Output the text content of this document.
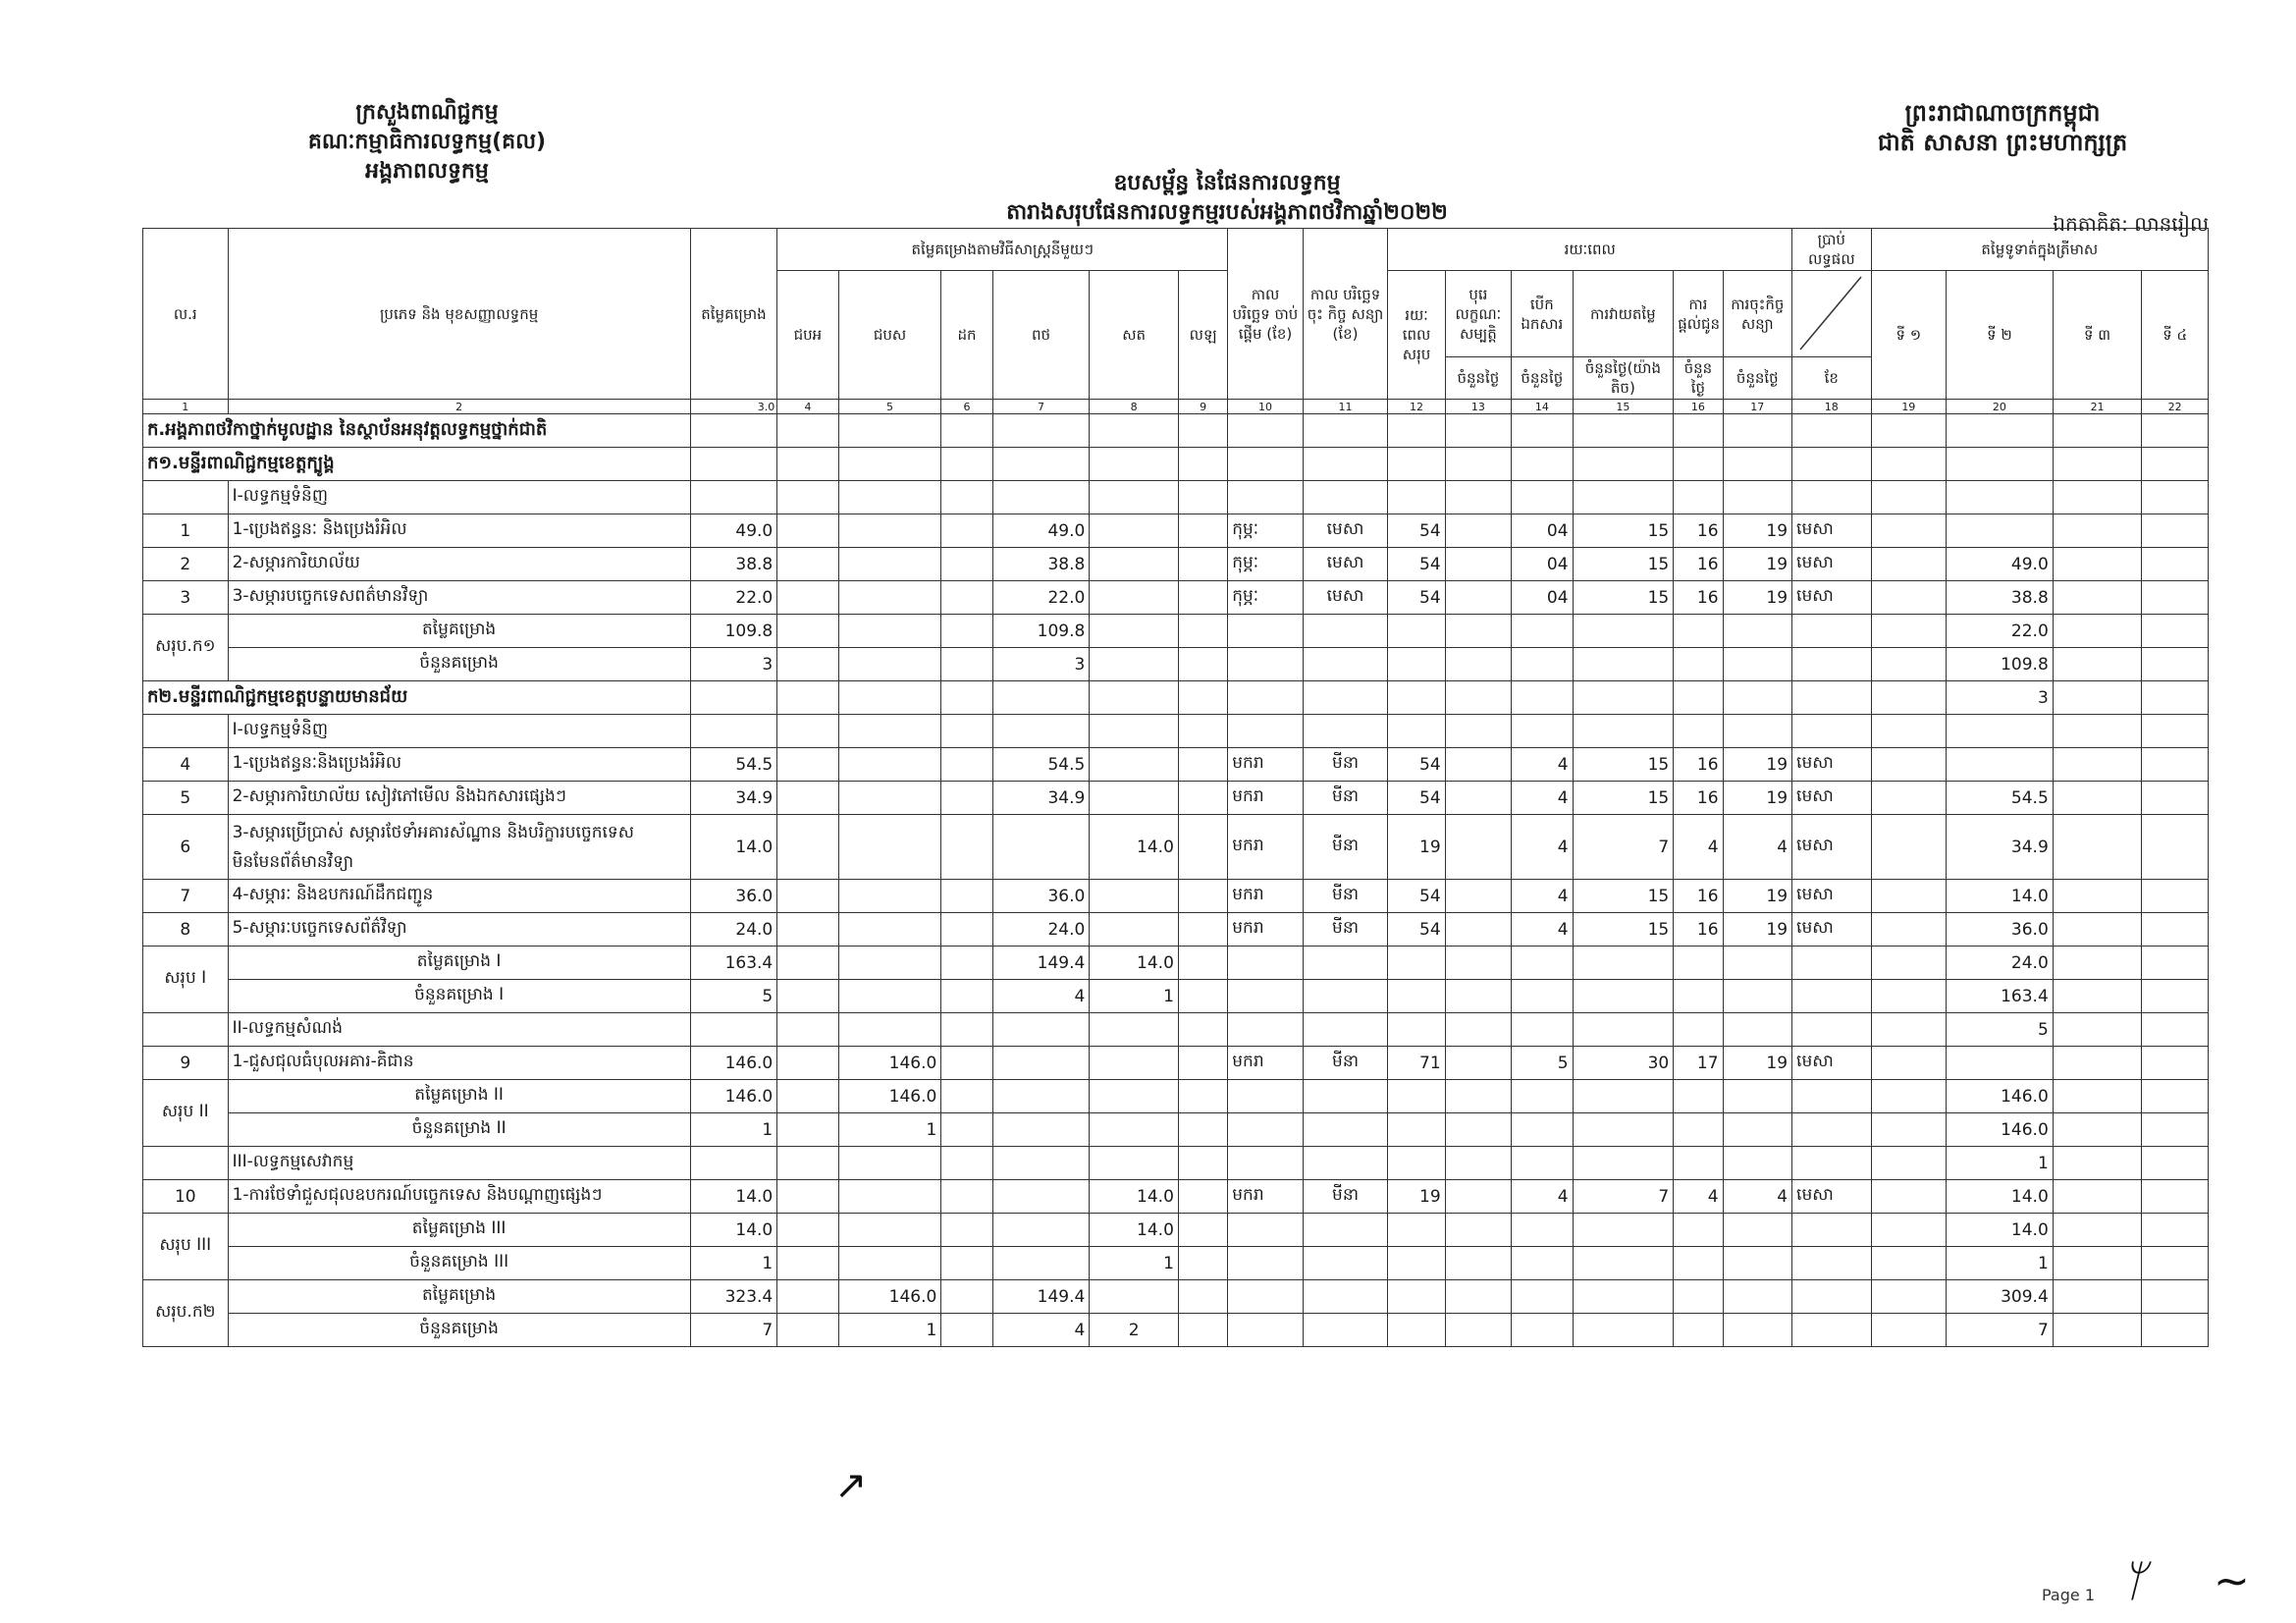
ក្រសួងពាណិជ្ជកម្ម
គណៈកម្មាធិការលទ្ធកម្ម(គល)
អង្គភាពលទ្ធកម្ម
ព្រះរាជាណាចក្រកម្ពុជា
ជាតិ សាសនា ព្រះមហាក្សត្រ
ឧបសម្ព័ន្ធ នៃផែនការលទ្ធកម្ម
តារាងសរុបផែនការលទ្ធកម្មរបស់អង្គភាពថវិកាឆ្នាំ២០២២	ឯកតាគិត: លានរៀល
ល.រ	ប្រភេទ និង មុខសញ្ញាលទ្ធកម្ម	តម្លៃគម្រោង	តម្លៃគម្រោងតាមវិធីសាស្ត្រនីមួយៗ						កាល បរិច្ឆេទ ចាប់ផ្តើម (ខែ)	កាល បរិច្ឆេទចុះ កិច្ច សន្យា (ខែ)	រយៈពេល						ប្រាប់លទ្ធផល	តម្លៃទូទាត់ក្នុងត្រីមាស			
			ជបអ	ជបស	ដក	ពថ	សត	លឡ			រយៈ ពេល សរុប	បុរេ លក្ខណៈ សម្បត្តិ	បើកឯកសារ	ការវាយតម្លៃ	ការផ្តល់ជូន	ការចុះកិច្ចសន្យា		ទី ១	ទី ២	ទី ៣	ទី ៤
												ចំនួនថ្ងៃ	ចំនួនថ្ងៃ	ចំនួនថ្ងៃ(យ៉ាងតិច)	ចំនួនថ្ងៃ	ចំនួនថ្ងៃ	ខែ				
1	2	3.0	4	5	6	7	8	9	10	11	12	13	14	15	16	17	18	19	20	21	22
ក.អង្គភាពថវិកាថ្នាក់មូលដ្ឋាន នៃស្ថាប័នអនុវត្តលទ្ធកម្មថ្នាក់ជាតិ																					
ក១.មន្ទីរពាណិជ្ជកម្មខេត្តក្បូង្គ																					
	I-លទ្ធកម្មទំនិញ																				
1	1-ប្រេងឥន្ធនៈ និងប្រេងរំអិល	49.0				49.0			កុម្ភៈ	មេសា	54		04	15	16	19	មេសា				
2	2-សម្ភារការិយាល័យ	38.8				38.8			កុម្ភៈ	មេសា	54		04	15	16	19	មេសា		49.0		
3	3-សម្ភារបច្ចេកទេសពត៌មានវិទ្យា	22.0				22.0			កុម្ភៈ	មេសា	54		04	15	16	19	មេសា		38.8		
សរុប.ក១	តម្លៃគម្រោង	109.8				109.8													22.0		
	ចំនួនគម្រោង	3				3													109.8		
ក២.មន្ទីរពាណិជ្ជកម្មខេត្តបន្ទាយមានជ័យ																			3		
	I-លទ្ធកម្មទំនិញ																				
4	1-ប្រេងឥន្ធនៈនិងប្រេងរំអិល	54.5				54.5			មករា	មីនា	54		4	15	16	19	មេសា				
5	2-សម្ភារការិយាល័យ សៀវភៅមើល និងឯកសារផ្សេងៗ	34.9				34.9			មករា	មីនា	54		4	15	16	19	មេសា		54.5		
6	3-សម្ភារប្រើប្រាស់ សម្ភារថែទាំអគារស័ណ្ឋាន និងបរិក្ខារបច្ចេកទេស មិនមែនព័ត៌មានវិទ្យា	14.0					14.0		មករា	មីនា	19		4	7	4	4	មេសា		34.9		
7	4-សម្ភារៈ និងឧបករណ៍ដឹកជញ្ជូន	36.0				36.0			មករា	មីនា	54		4	15	16	19	មេសា		14.0		
8	5-សម្ភារៈបច្ចេកទេសព័ត៌វិទ្យា	24.0				24.0			មករា	មីនា	54		4	15	16	19	មេសា		36.0		
សរុប I	តម្លៃគម្រោង I	163.4				149.4	14.0												24.0		
	ចំនួនគម្រោង I	5				4	1												163.4		
	II-លទ្ធកម្មសំណង់																		5		
9	1-ជួសជុលធំបុលអគារ-គិជាន	146.0		146.0					មករា	មីនា	71		5	30	17	19	មេសា				
សរុប II	តម្លៃគម្រោង II	146.0		146.0															146.0		
	ចំនួនគម្រោង II	1		1															146.0		
	III-លទ្ធកម្មសេវាកម្ម																		1		
10	1-ការថែទាំជួសជុលឧបករណ៍បច្ចេកទេស និងបណ្តាញផ្សេងៗ	14.0					14.0		មករា	មីនា	19		4	7	4	4	មេសា		14.0		
សរុប III	តម្លៃគម្រោង III	14.0					14.0												14.0		
	ចំនួនគម្រោង III	1					1												1		
សរុប.ក២	តម្លៃគម្រោង	323.4		146.0		149.4													309.4		
	ចំនួនគម្រោង	7		1		4	2												7		
↗
Page 1 ᛘ ∼
